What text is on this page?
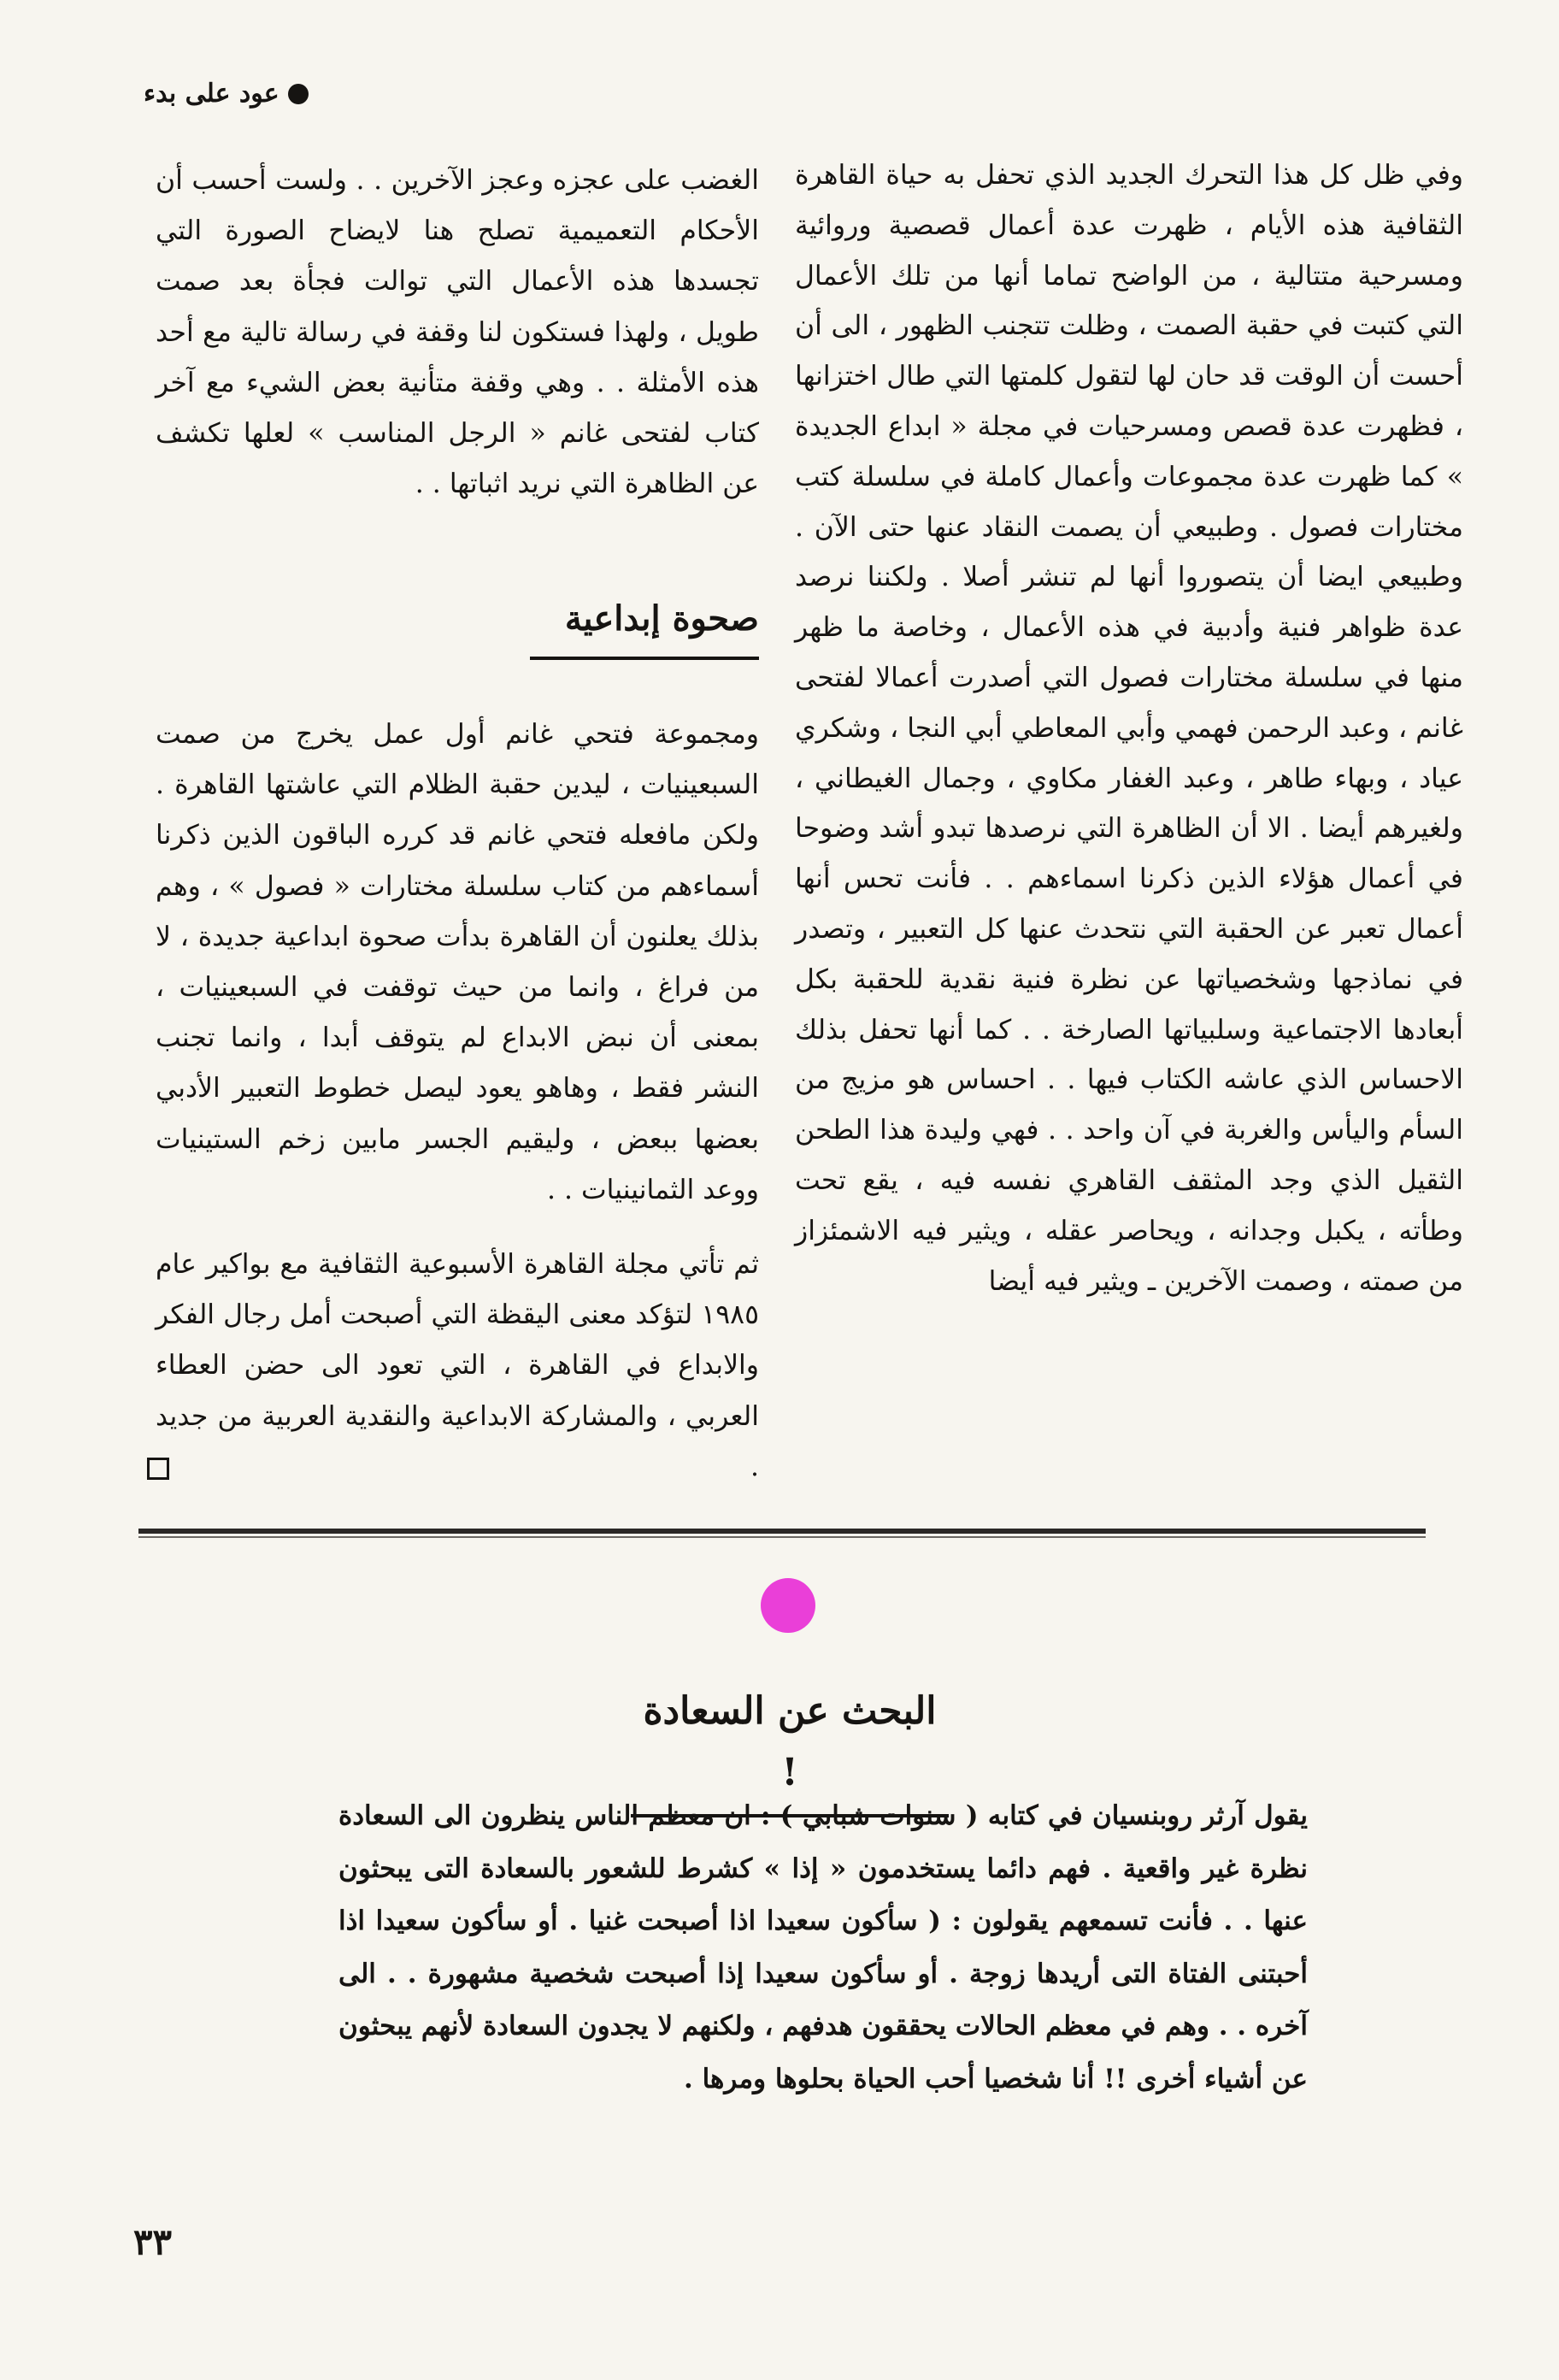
عود على بدء

وفي ظل كل هذا التحرك الجديد الذي تحفل به حياة القاهرة الثقافية هذه الأيام ، ظهرت عدة أعمال قصصية وروائية ومسرحية متتالية ، من الواضح تماما أنها من تلك الأعمال التي كتبت في حقبة الصمت ، وظلت تتجنب الظهور ، الى أن أحست أن الوقت قد حان لها لتقول كلمتها التي طال اختزانها ، فظهرت عدة قصص ومسرحيات في مجلة « ابداع الجديدة » كما ظهرت عدة مجموعات وأعمال كاملة في سلسلة كتب مختارات فصول . وطبيعي أن يصمت النقاد عنها حتى الآن . وطبيعي ايضا أن يتصوروا أنها لم تنشر أصلا . ولكننا نرصد عدة ظواهر فنية وأدبية في هذه الأعمال ، وخاصة ما ظهر منها في سلسلة مختارات فصول التي أصدرت أعمالا لفتحى غانم ، وعبد الرحمن فهمي وأبي المعاطي أبي النجا ، وشكري عياد ، وبهاء طاهر ، وعبد الغفار مكاوي ، وجمال الغيطاني ، ولغيرهم أيضا . الا أن الظاهرة التي نرصدها تبدو أشد وضوحا في أعمال هؤلاء الذين ذكرنا اسماءهم . . فأنت تحس أنها أعمال تعبر عن الحقبة التي نتحدث عنها كل التعبير ، وتصدر في نماذجها وشخصياتها عن نظرة فنية نقدية للحقبة بكل أبعادها الاجتماعية وسلبياتها الصارخة . . كما أنها تحفل بذلك الاحساس الذي عاشه الكتاب فيها . . احساس هو مزيج من السأم واليأس والغربة في آن واحد . . فهي وليدة هذا الطحن الثقيل الذي وجد المثقف القاهري نفسه فيه ، يقع تحت وطأته ، يكبل وجدانه ، ويحاصر عقله ، ويثير فيه الاشمئزاز من صمته ، وصمت الآخرين ـ ويثير فيه أيضا

الغضب على عجزه وعجز الآخرين . . ولست أحسب أن الأحكام التعميمية تصلح هنا لايضاح الصورة التي تجسدها هذه الأعمال التي توالت فجأة بعد صمت طويل ، ولهذا فستكون لنا وقفة في رسالة تالية مع أحد هذه الأمثلة . . وهي وقفة متأنية بعض الشيء مع آخر كتاب لفتحى غانم « الرجل المناسب » لعلها تكشف عن الظاهرة التي نريد اثباتها . .

صحوة إبداعية

ومجموعة فتحي غانم أول عمل يخرج من صمت السبعينيات ، ليدين حقبة الظلام التي عاشتها القاهرة . ولكن مافعله فتحي غانم قد كرره الباقون الذين ذكرنا أسماءهم من كتاب سلسلة مختارات « فصول » ، وهم بذلك يعلنون أن القاهرة بدأت صحوة ابداعية جديدة ، لا من فراغ ، وانما من حيث توقفت في السبعينيات ، بمعنى أن نبض الابداع لم يتوقف أبدا ، وانما تجنب النشر فقط ، وهاهو يعود ليصل خطوط التعبير الأدبي بعضها ببعض ، وليقيم الجسر مابين زخم الستينيات ووعد الثمانينيات . .

ثم تأتي مجلة القاهرة الأسبوعية الثقافية مع بواكير عام ١٩٨٥ لتؤكد معنى اليقظة التي أصبحت أمل رجال الفكر والابداع في القاهرة ، التي تعود الى حضن العطاء العربي ، والمشاركة الابداعية والنقدية العربية من جديد .

البحث عن السعادة !

يقول آرثر روبنسيان في كتابه ( سنوات شبابي ) : ان معظم الناس ينظرون الى السعادة نظرة غير واقعية . فهم دائما يستخدمون « إذا » كشرط للشعور بالسعادة التى يبحثون عنها . . فأنت تسمعهم يقولون : ( سأكون سعيدا اذا أصبحت غنيا . أو سأكون سعيدا اذا أحبتنى الفتاة التى أريدها زوجة . أو سأكون سعيدا إذا أصبحت شخصية مشهورة . . الى آخره . . وهم في معظم الحالات يحققون هدفهم ، ولكنهم لا يجدون السعادة لأنهم يبحثون عن أشياء أخرى !! أنا شخصيا أحب الحياة بحلوها ومرها .

٣٣
